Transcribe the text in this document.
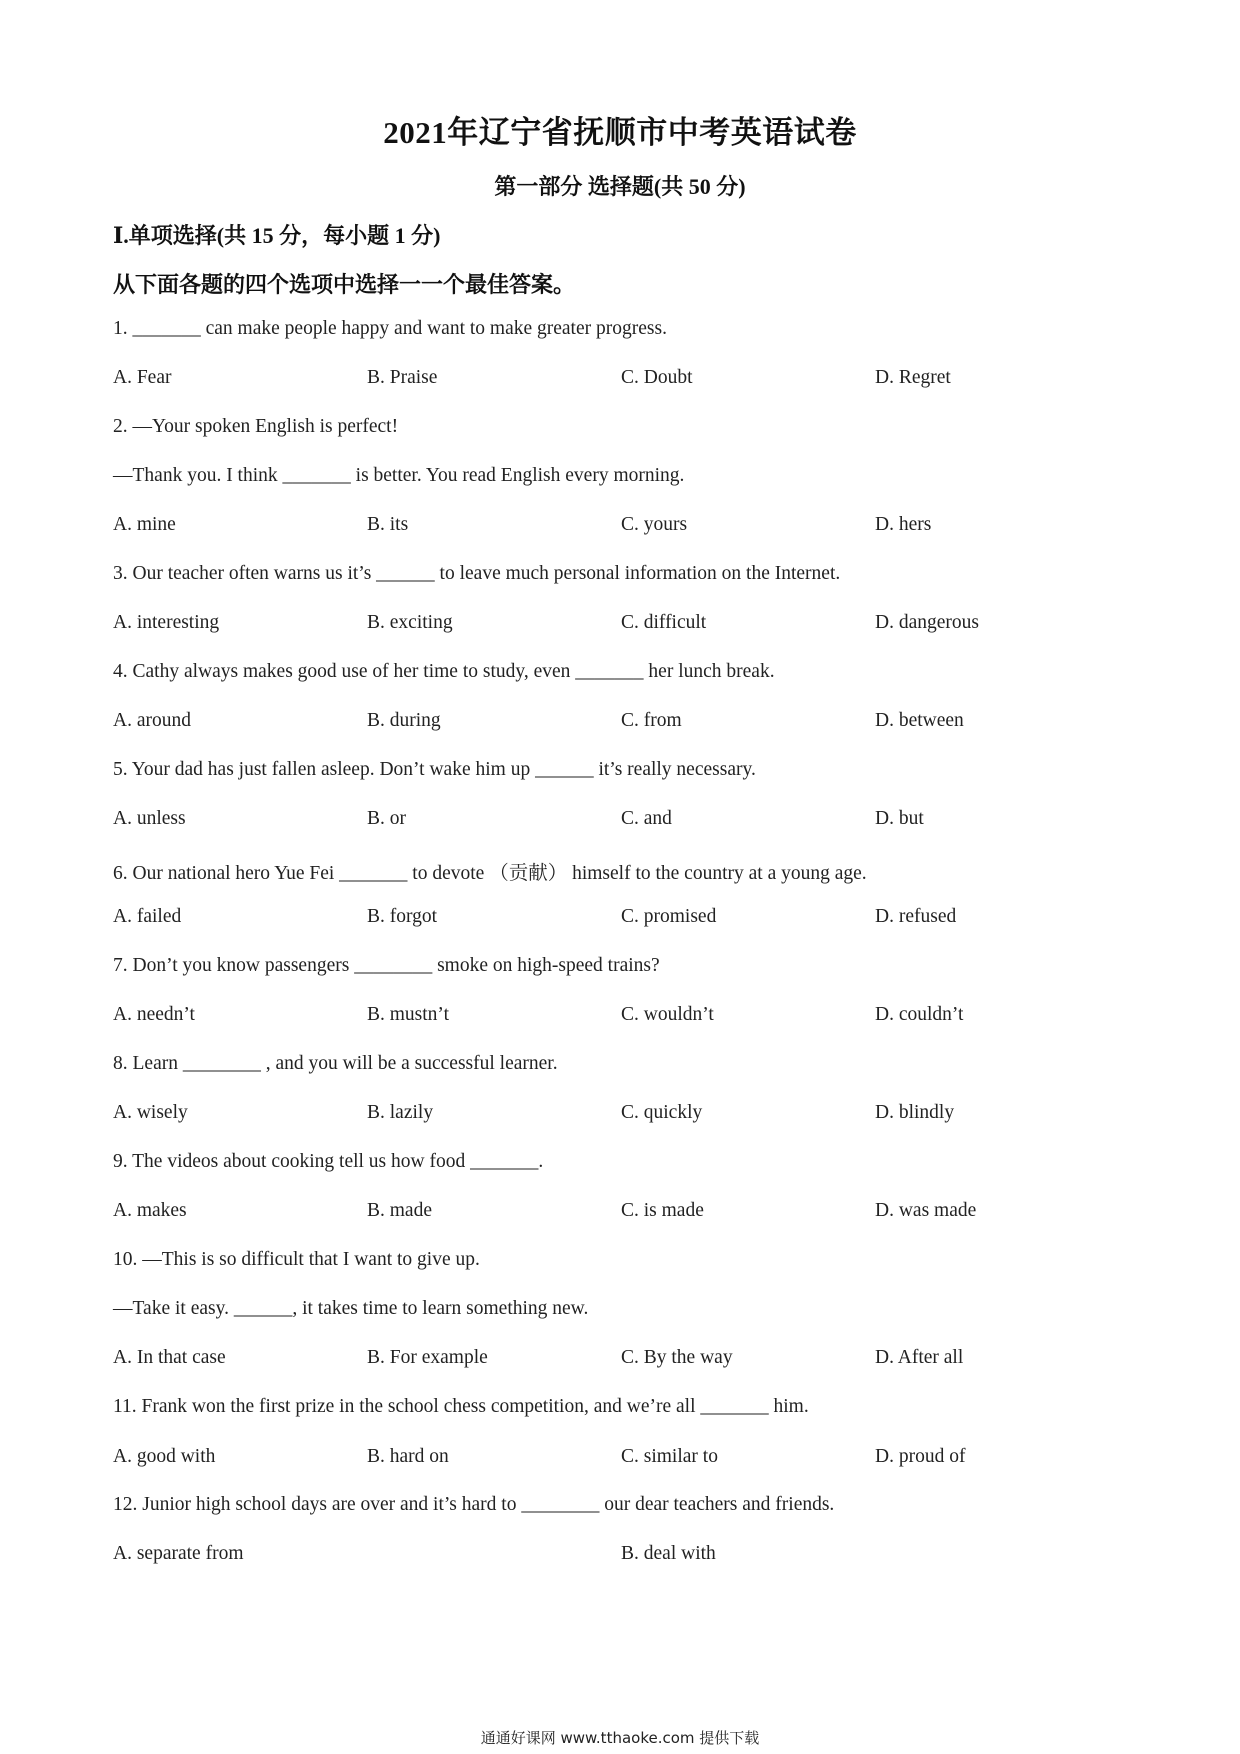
2021年辽宁省抚顺市中考英语试卷
第一部分 选择题(共 50 分)
Ⅰ.单项选择(共 15 分，每小题 1 分)
从下面各题的四个选项中选择一一个最佳答案。
1. _______ can make people happy and want to make greater progress.
A. Fear	B. Praise	C. Doubt	D. Regret
2. —Your spoken English is perfect!
—Thank you. I think _______ is better. You read English every morning.
A. mine	B. its	C. yours	D. hers
3. Our teacher often warns us it’s ______ to leave much personal information on the Internet.
A. interesting	B. exciting	C. difficult	D. dangerous
4. Cathy always makes good use of her time to study, even _______ her lunch break.
A. around	B. during	C. from	D. between
5. Your dad has just fallen asleep. Don’t wake him up ______ it’s really necessary.
A. unless	B. or	C. and	D. but
6. Our national hero Yue Fei _______ to devote （贡献） himself to the country at a young age.
A. failed	B. forgot	C. promised	D. refused
7. Don’t you know passengers ________ smoke on high-speed trains?
A. needn’t	B. mustn’t	C. wouldn’t	D. couldn’t
8. Learn ________ , and you will be a successful learner.
A. wisely	B. lazily	C. quickly	D. blindly
9. The videos about cooking tell us how food _______.
A. makes	B. made	C. is made	D. was made
10. —This is so difficult that I want to give up.
—Take it easy. ______, it takes time to learn something new.
A. In that case	B. For example	C. By the way	D. After all
11. Frank won the first prize in the school chess competition, and we’re all _______ him.
A. good with	B. hard on	C. similar to	D. proud of
12. Junior high school days are over and it’s hard to ________ our dear teachers and friends.
A. separate from	B. deal with
通通好课网 www.tthaoke.com 提供下载
